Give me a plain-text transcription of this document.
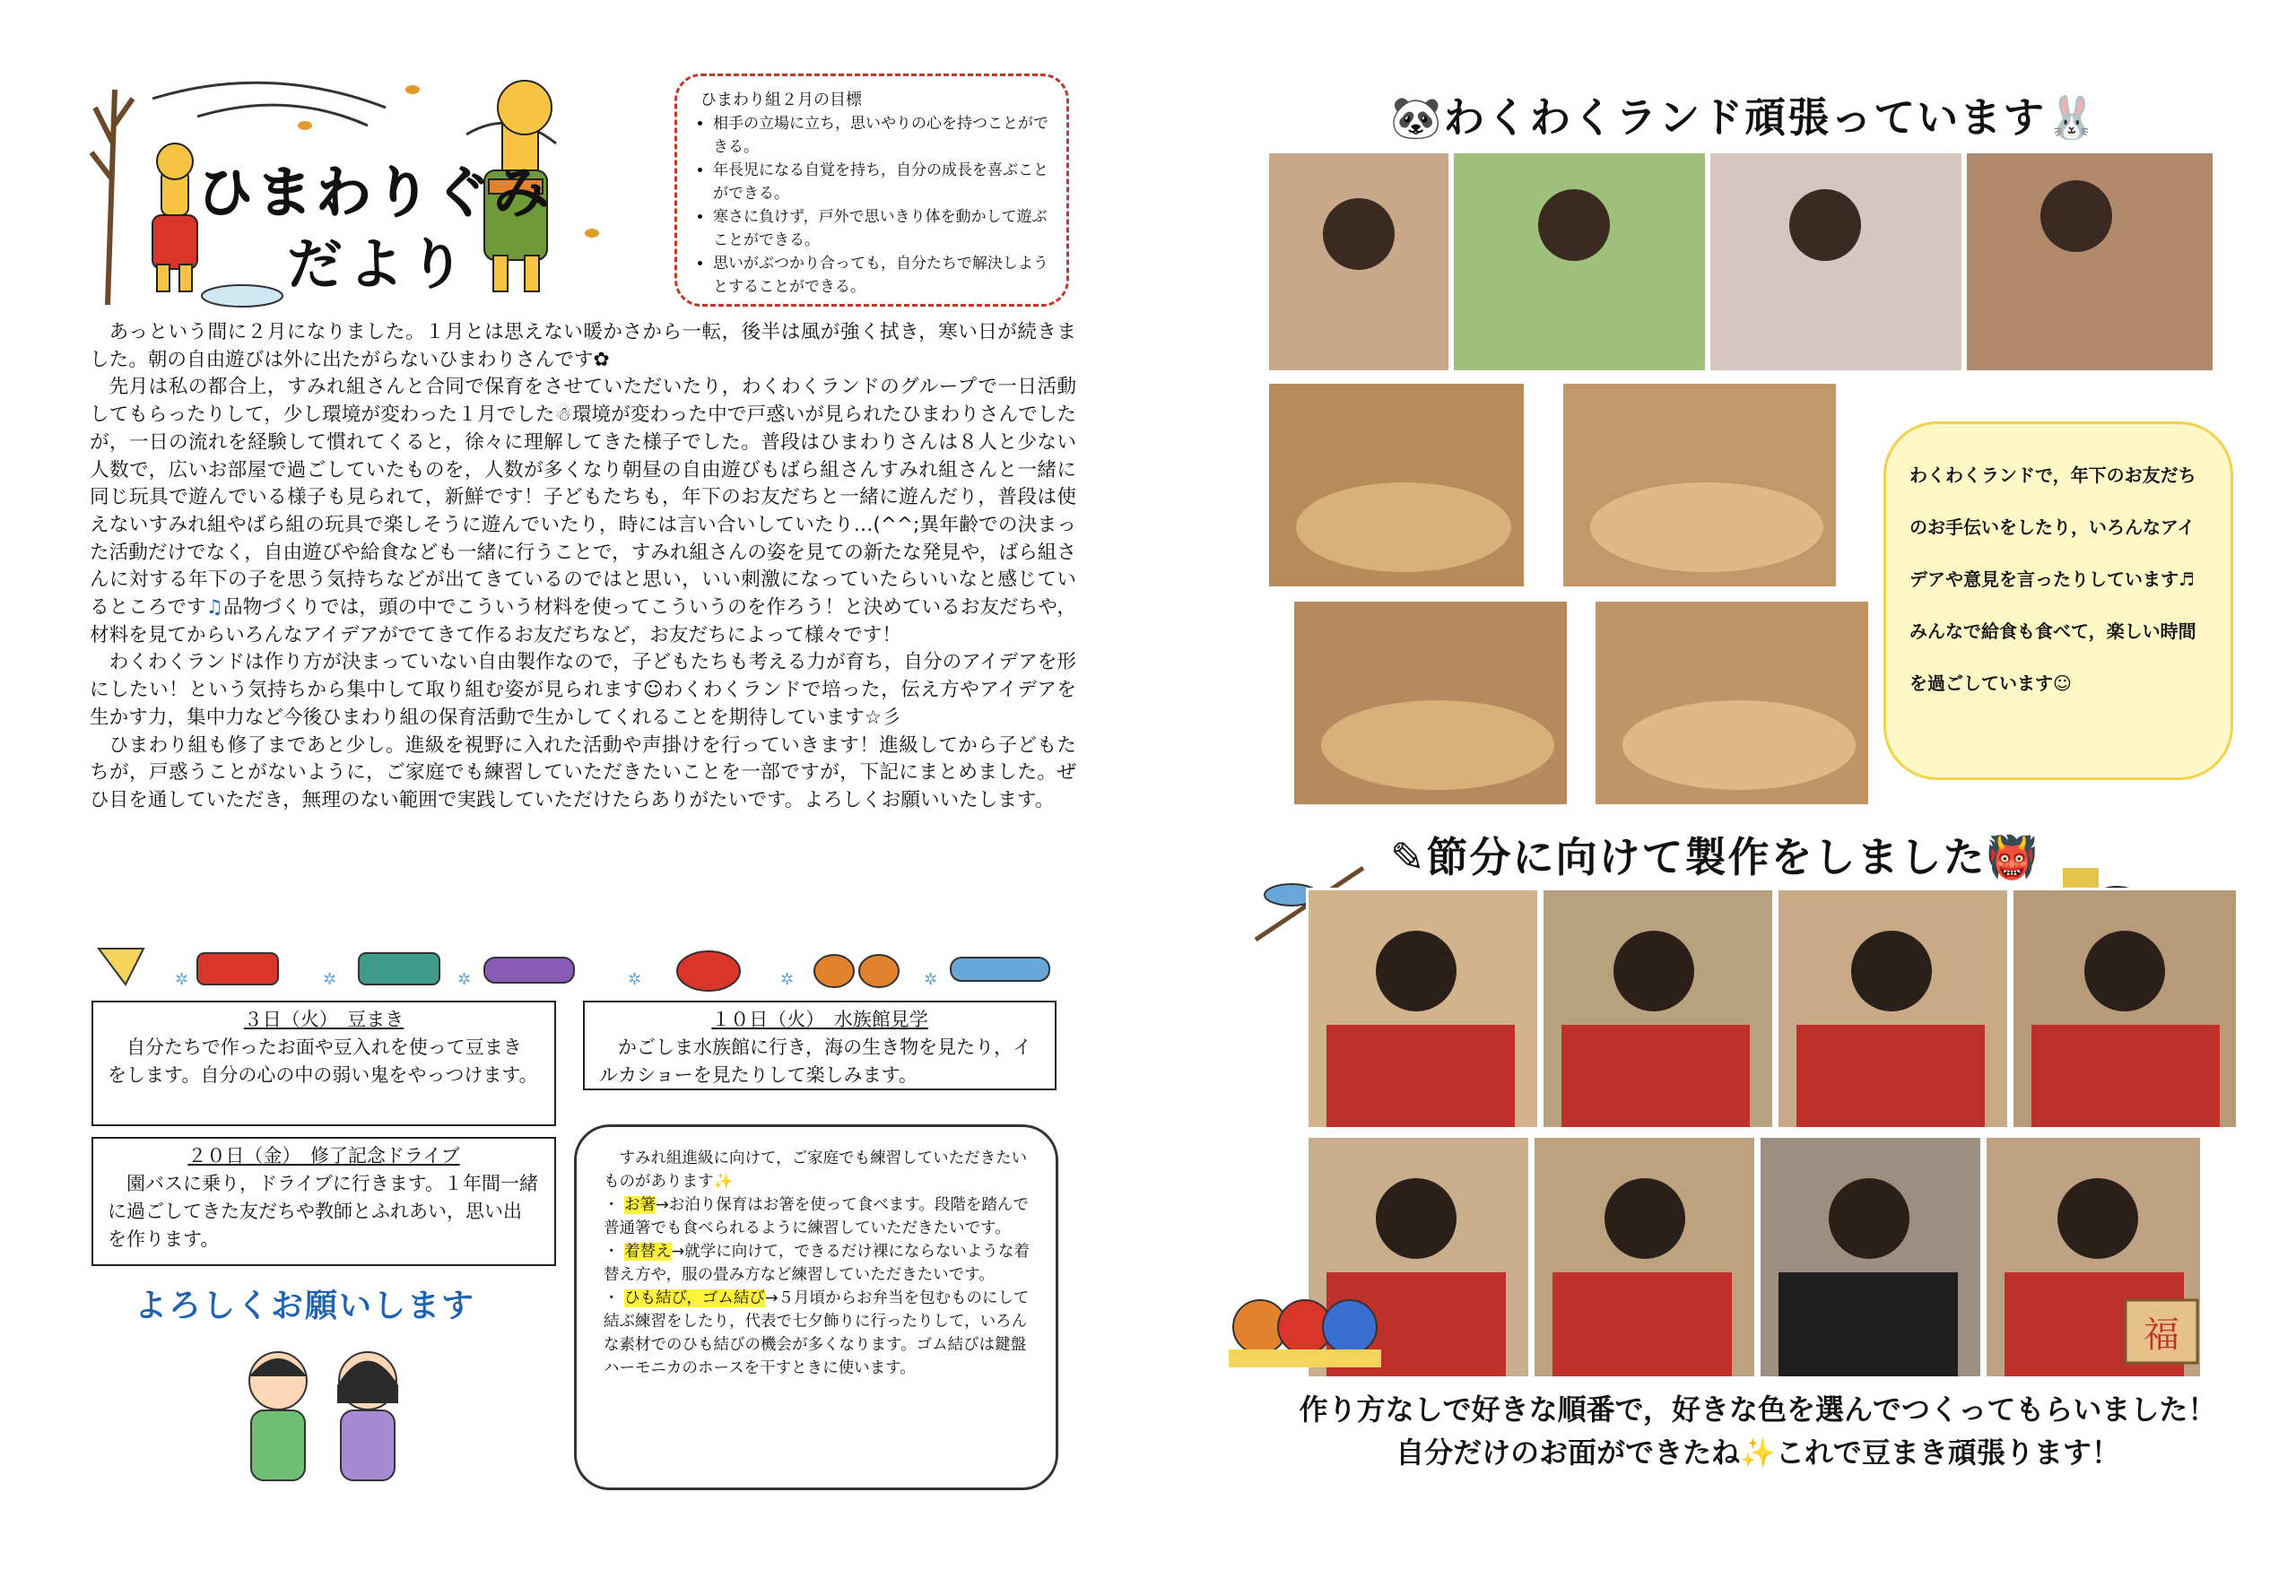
ひまわりぐみ
だより
ひまわり組２月の目標
• 相手の立場に立ち，思いやりの心を持つことができる。
• 年長児になる自覚を持ち，自分の成長を喜ぶことができる。
• 寒さに負けず，戸外で思いきり体を動かして遊ぶことができる。
• 思いがぶつかり合っても，自分たちで解決しようとすることができる。

あっという間に２月になりました。１月とは思えない暖かさから一転，後半は風が強く拭き，寒い日が続きました。朝の自由遊びは外に出たがらないひまわりさんです✿

先月は私の都合上，すみれ組さんと合同で保育をさせていただいたり，わくわくランドのグループで一日活動してもらったりして，少し環境が変わった１月でした☃環境が変わった中で戸惑いが見られたひまわりさんでしたが，一日の流れを経験して慣れてくると，徐々に理解してきた様子でした。普段はひまわりさんは８人と少ない人数で，広いお部屋で過ごしていたものを，人数が多くなり朝昼の自由遊びもばら組さんすみれ組さんと一緒に同じ玩具で遊んでいる様子も見られて，新鮮です！子どもたちも，年下のお友だちと一緒に遊んだり，普段は使えないすみれ組やばら組の玩具で楽しそうに遊んでいたり，時には言い合いしていたり…(^^;異年齢での決まった活動だけでなく，自由遊びや給食なども一緒に行うことで，すみれ組さんの姿を見ての新たな発見や，ばら組さんに対する年下の子を思う気持ちなどが出てきているのではと思い，いい刺激になっていたらいいなと感じているところです♫品物づくりでは，頭の中でこういう材料を使ってこういうのを作ろう！と決めているお友だちや，材料を見てからいろんなアイデアがでてきて作るお友だちなど，お友だちによって様々です！

わくわくランドは作り方が決まっていない自由製作なので，子どもたちも考える力が育ち，自分のアイデアを形にしたい！という気持ちから集中して取り組む姿が見られます☺わくわくランドで培った，伝え方やアイデアを生かす力，集中力など今後ひまわり組の保育活動で生かしてくれることを期待しています☆彡

ひまわり組も修了まであと少し。進級を視野に入れた活動や声掛けを行っていきます！進級してから子どもたちが，戸惑うことがないように，ご家庭でも練習していただきたいことを一部ですが，下記にまとめました。ぜひ目を通していただき，無理のない範囲で実践していただけたらありがたいです。よろしくお願いいたします。

✲	✲	✲	✲	✲	✲
３日（火）　豆まき
自分たちで作ったお面や豆入れを使って豆まきをします。自分の心の中の弱い鬼をやっつけます。
１０日（火）　水族館見学
かごしま水族館に行き，海の生き物を見たり，イルカショーを見たりして楽しみます。
２０日（金）　修了記念ドライブ
園バスに乗り，ドライブに行きます。１年間一緒に過ごしてきた友だちや教師とふれあい，思い出を作ります。

すみれ組進級に向けて，ご家庭でも練習していただきたいものがあります✨

・ お箸→お泊り保育はお箸を使って食べます。段階を踏んで普通箸でも食べられるように練習していただきたいです。

・ 着替え→就学に向けて，できるだけ裸にならないような着替え方や，服の畳み方など練習していただきたいです。

・ ひも結び，ゴム結び→５月頃からお弁当を包むものにして結ぶ練習をしたり，代表で七夕飾りに行ったりして，いろんな素材でのひも結びの機会が多くなります。ゴム結びは鍵盤ハーモニカのホースを干すときに使います。

よろしくお願いします
🐼わくわくランド頑張っています🐰
わくわくランドで，年下のお友だちのお手伝いをしたり，いろんなアイデアや意見を言ったりしています♬みんなで給食も食べて，楽しい時間を過ごしています☺
✎節分に向けて製作をしました👹
福

作り方なしで好きな順番で，好きな色を選んでつくってもらいました！

自分だけのお面ができたね✨これで豆まき頑張ります！
